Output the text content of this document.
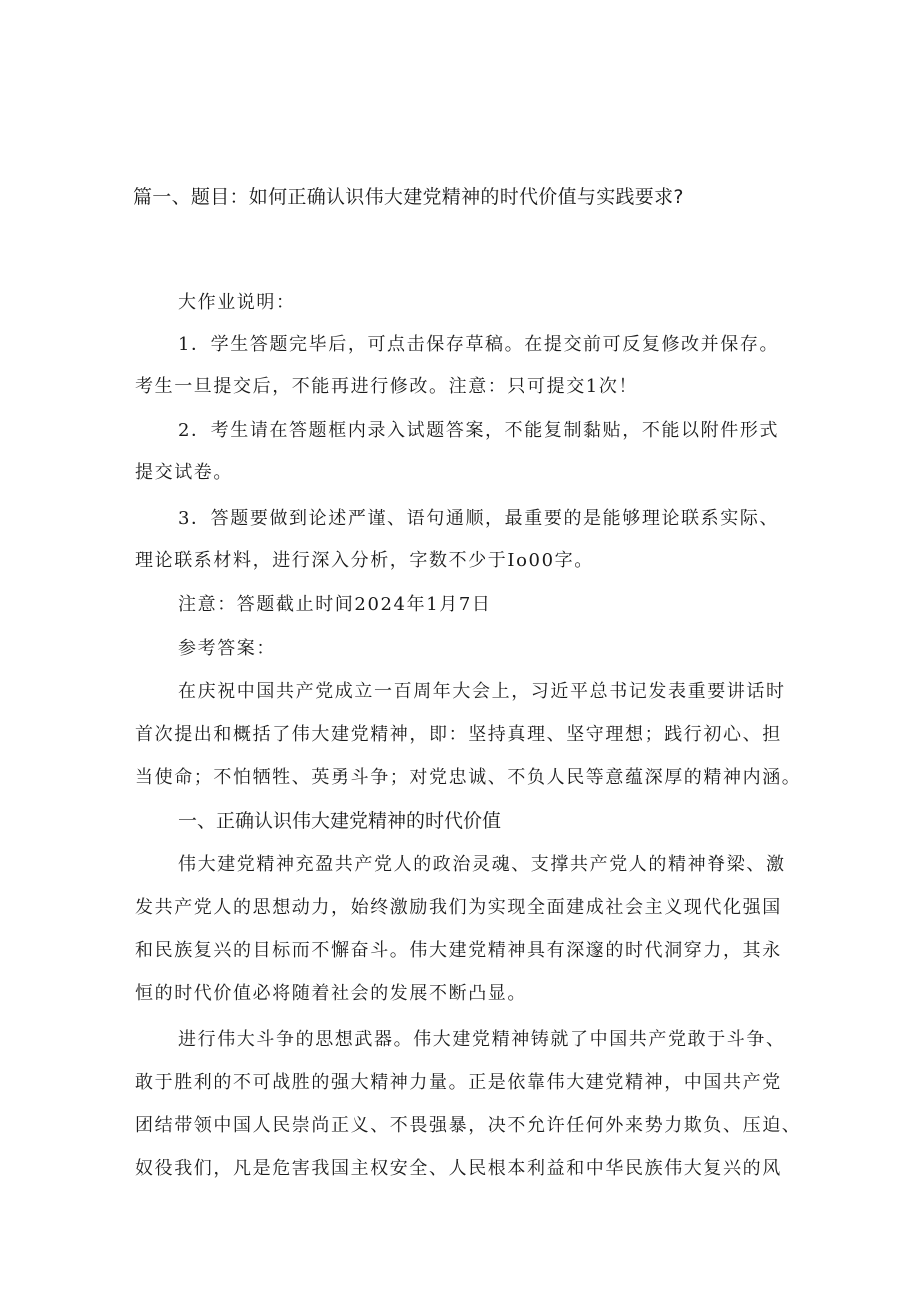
篇一、题目：如何正确认识伟大建党精神的时代价值与实践要求?
大作业说明：
1．学生答题完毕后，可点击保存草稿。在提交前可反复修改并保存。
考生一旦提交后，不能再进行修改。注意：只可提交1次！
2．考生请在答题框内录入试题答案，不能复制黏贴，不能以附件形式
提交试卷。
3．答题要做到论述严谨、语句通顺，最重要的是能够理论联系实际、
理论联系材料，进行深入分析，字数不少于Io00字。
注意：答题截止时间2024年1月7日
参考答案：
在庆祝中国共产党成立一百周年大会上，习近平总书记发表重要讲话时
首次提出和概括了伟大建党精神，即：坚持真理、坚守理想；践行初心、担
当使命；不怕牺牲、英勇斗争；对党忠诚、不负人民等意蕴深厚的精神内涵。
一、正确认识伟大建党精神的时代价值
伟大建党精神充盈共产党人的政治灵魂、支撑共产党人的精神脊梁、激
发共产党人的思想动力，始终激励我们为实现全面建成社会主义现代化强国
和民族复兴的目标而不懈奋斗。伟大建党精神具有深邃的时代洞穿力，其永
恒的时代价值必将随着社会的发展不断凸显。
进行伟大斗争的思想武器。伟大建党精神铸就了中国共产党敢于斗争、
敢于胜利的不可战胜的强大精神力量。正是依靠伟大建党精神，中国共产党
团结带领中国人民崇尚正义、不畏强暴，决不允许任何外来势力欺负、压迫、
奴役我们，凡是危害我国主权安全、人民根本利益和中华民族伟大复兴的风
